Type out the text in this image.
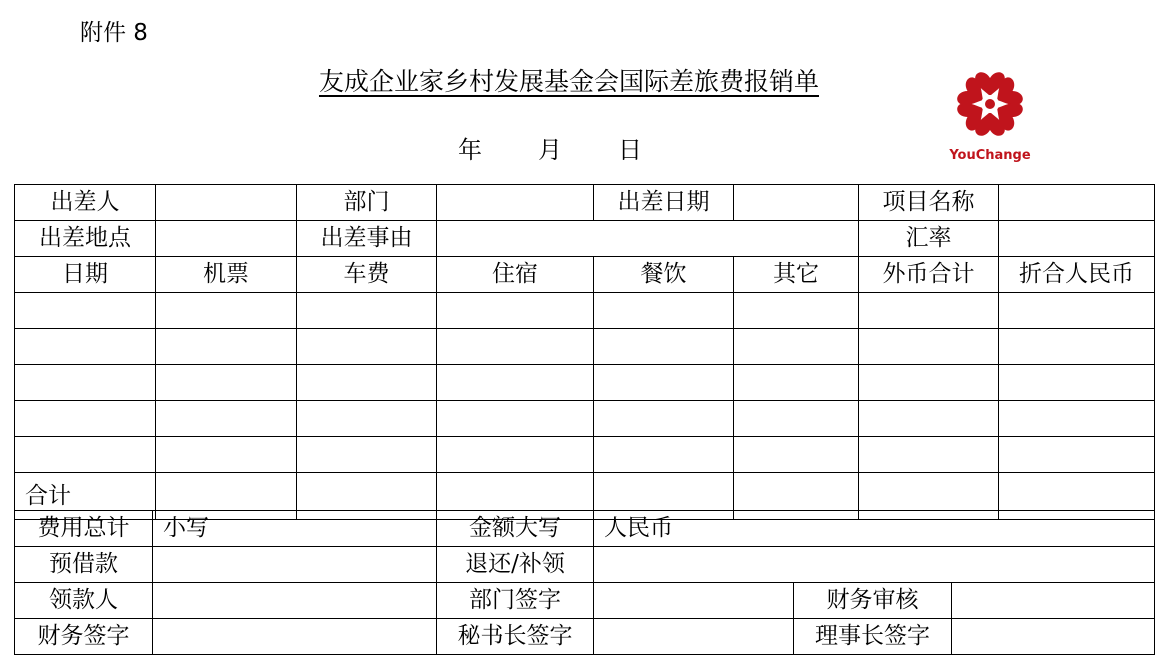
附件 8
友成企业家乡村发展基金会国际差旅费报销单
年 月 日	YouChange
出差人		部门		出差日期		项目名称	
出差地点		出差事由				汇率	
日期	机票	车费	住宿	餐饮	其它	外币合计	折合人民币

合计							
费用总计	小写	金额大写	人民币		
预借款		退还/补领			
领款人		部门签字		财务审核	
财务签字		秘书长签字		理事长签字	
